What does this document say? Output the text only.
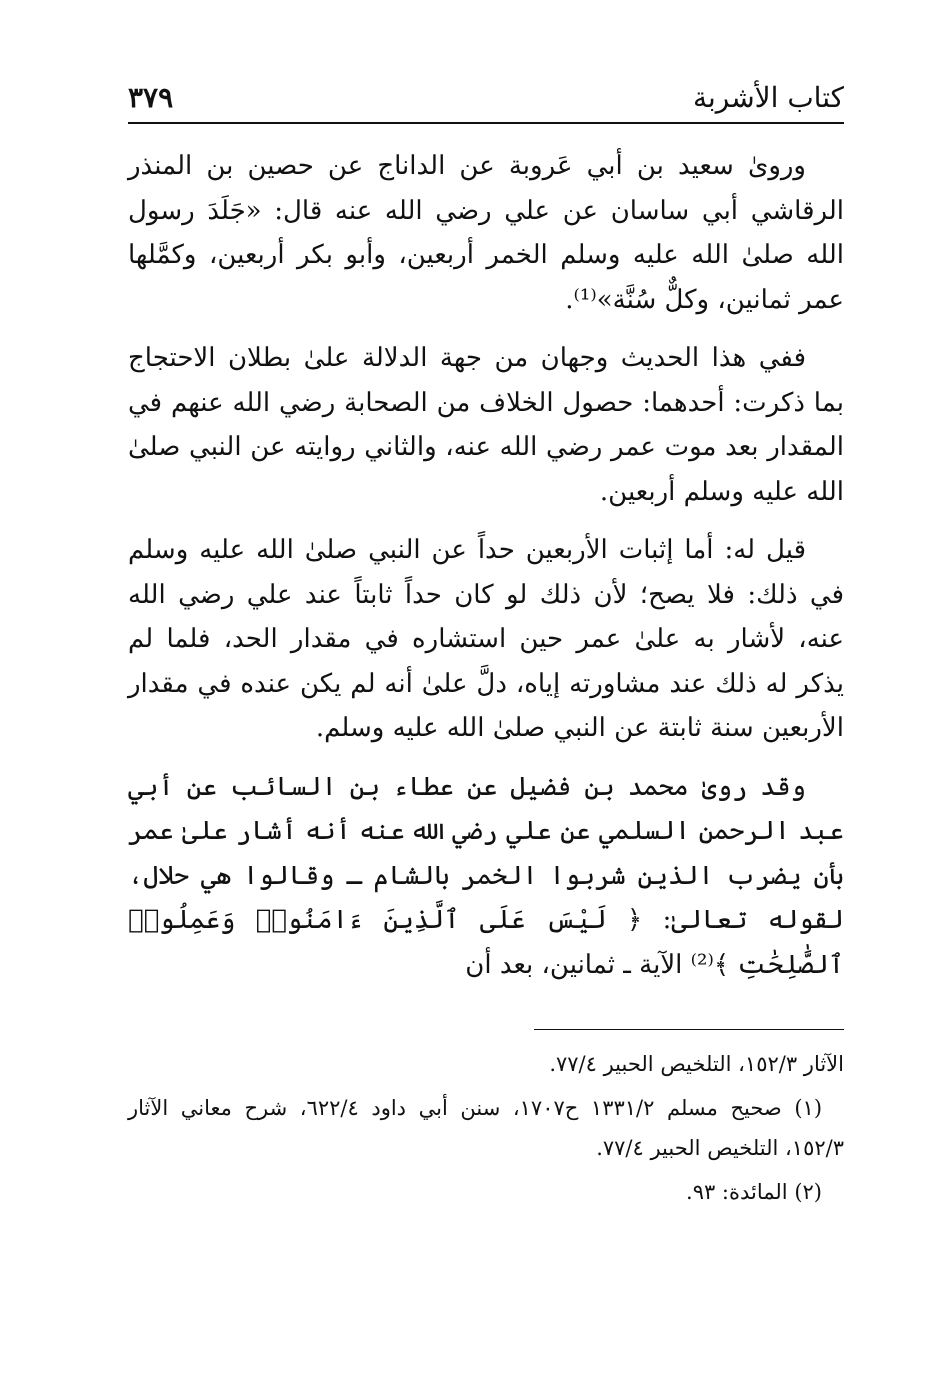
كتاب الأشربة
٣٧٩

وروىٰ سعيد بن أبي عَروبة عن الداناج عن حصين بن المنذر الرقاشي أبي ساسان عن علي رضي الله عنه قال: «جَلَدَ رسول الله صلىٰ الله عليه وسلم الخمر أربعين، وأبو بكر أربعين، وكمَّلها عمر ثمانين، وكلٌّ سُنَّة»⁽¹⁾.

ففي هذا الحديث وجهان من جهة الدلالة علىٰ بطلان الاحتجاج بما ذكرت: أحدهما: حصول الخلاف من الصحابة رضي الله عنهم في المقدار بعد موت عمر رضي الله عنه، والثاني روايته عن النبي صلىٰ الله عليه وسلم أربعين.

قيل له: أما إثبات الأربعين حداً عن النبي صلىٰ الله عليه وسلم في ذلك: فلا يصح؛ لأن ذلك لو كان حداً ثابتاً عند علي رضي الله عنه، لأشار به علىٰ عمر حين استشاره في مقدار الحد، فلما لم يذكر له ذلك عند مشاورته إياه، دلَّ علىٰ أنه لم يكن عنده في مقدار الأربعين سنة ثابتة عن النبي صلىٰ الله عليه وسلم.

وقد روىٰ محمد بن فضيل عن عطاء بن السائب عن أبي عبد الرحمن السلمي عن علي رضي الله عنه أنه أشار علىٰ عمر بأن يضرب الذين شربوا الخمر بالشام ـ وقالوا هي حلال، لقوله تعالىٰ: ﴿ لَيْسَ عَلَى ٱلَّذِينَ ءَامَنُوا۟ وَعَمِلُوا۟ ٱلصَّٰلِحَٰتِ ﴾⁽²⁾ الآية ـ ثمانين، بعد أن

الآثار ١٥٢/٣، التلخيص الحبير ٧٧/٤.

(١) صحيح مسلم ١٣٣١/٢ ح١٧٠٧، سنن أبي داود ٦٢٢/٤، شرح معاني الآثار ١٥٢/٣، التلخيص الحبير ٧٧/٤.

(٢) المائدة: ٩٣.
